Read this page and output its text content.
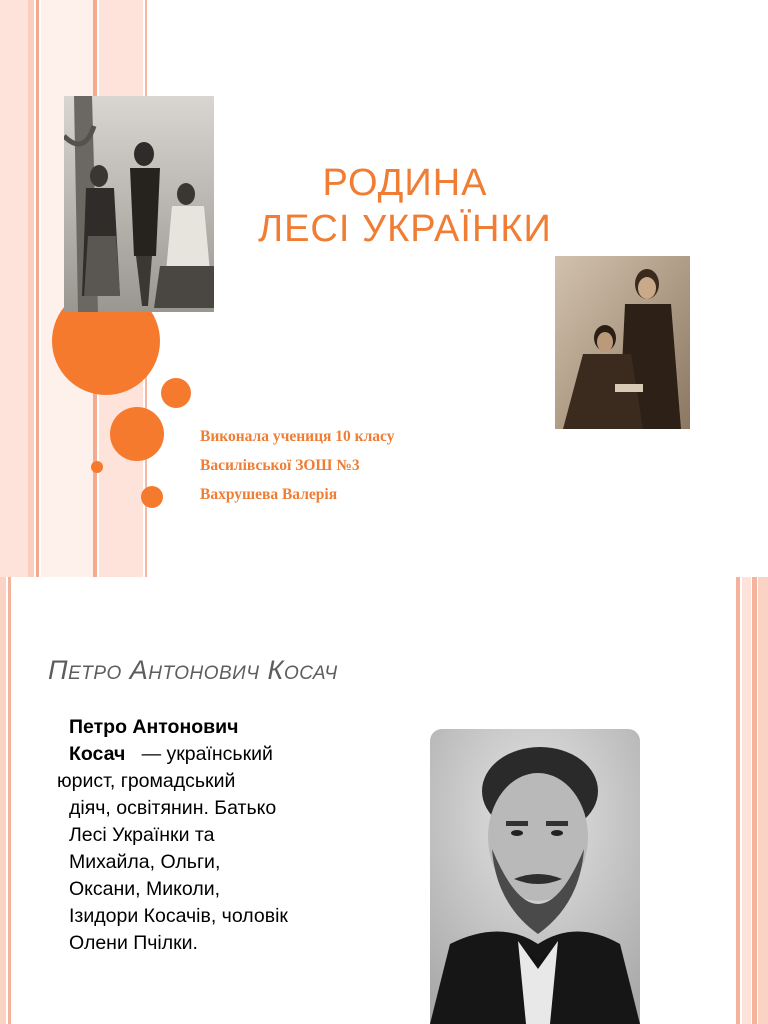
РОДИНА
ЛЕСІ УКРАЇНКИ
Виконала учениця 10 класу
Василівської ЗОШ №3
Вахрушева Валерія
Петро Антонович Косач
Петро Антонович
Косач   — український
юрист, громадський
діяч, освітянин. Батько
Лесі Українки та
Михайла, Ольги,
Оксани, Миколи,
Ізидори Косачів, чоловік
Олени Пчілки.
